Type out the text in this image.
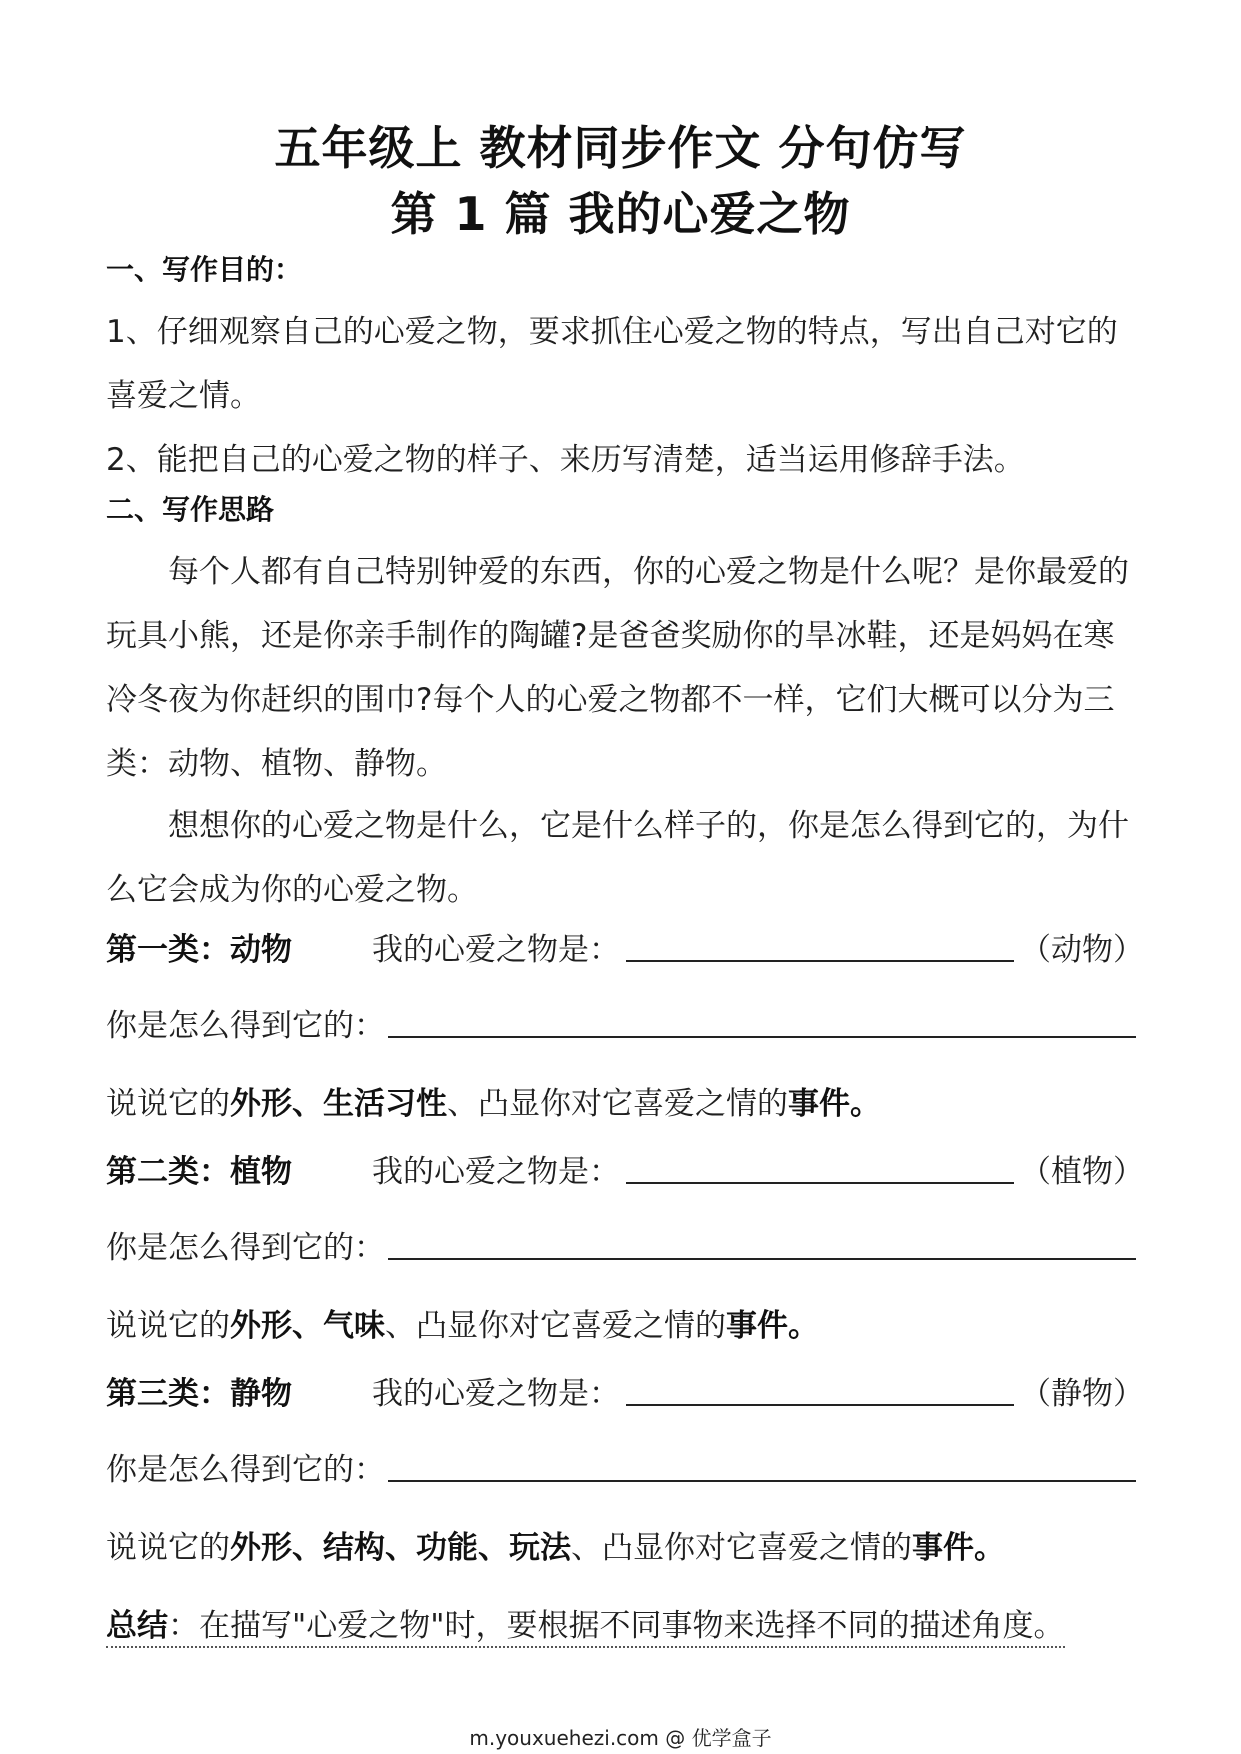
五年级上 教材同步作文 分句仿写
第 1 篇 我的心爱之物
一、写作目的：
1、仔细观察自己的心爱之物，要求抓住心爱之物的特点，写出自己对它的
喜爱之情。
2、能把自己的心爱之物的样子、来历写清楚，适当运用修辞手法。
二、写作思路
每个人都有自己特别钟爱的东西，你的心爱之物是什么呢？是你最爱的
玩具小熊，还是你亲手制作的陶罐?是爸爸奖励你的旱冰鞋，还是妈妈在寒
冷冬夜为你赶织的围巾?每个人的心爱之物都不一样，它们大概可以分为三
类：动物、植物、静物。
想想你的心爱之物是什么，它是什么样子的，你是怎么得到它的，为什
么它会成为你的心爱之物。
第一类：动物	我的心爱之物是：	（动物）
你是怎么得到它的：
说说它的外形、生活习性、凸显你对它喜爱之情的事件。
第二类：植物	我的心爱之物是：	（植物）
你是怎么得到它的：
说说它的外形、气味、凸显你对它喜爱之情的事件。
第三类：静物	我的心爱之物是：	（静物）
你是怎么得到它的：
说说它的外形、结构、功能、玩法、凸显你对它喜爱之情的事件。
总结：在描写"心爱之物"时，要根据不同事物来选择不同的描述角度。
m.youxuehezi.com @ 优学盒子
